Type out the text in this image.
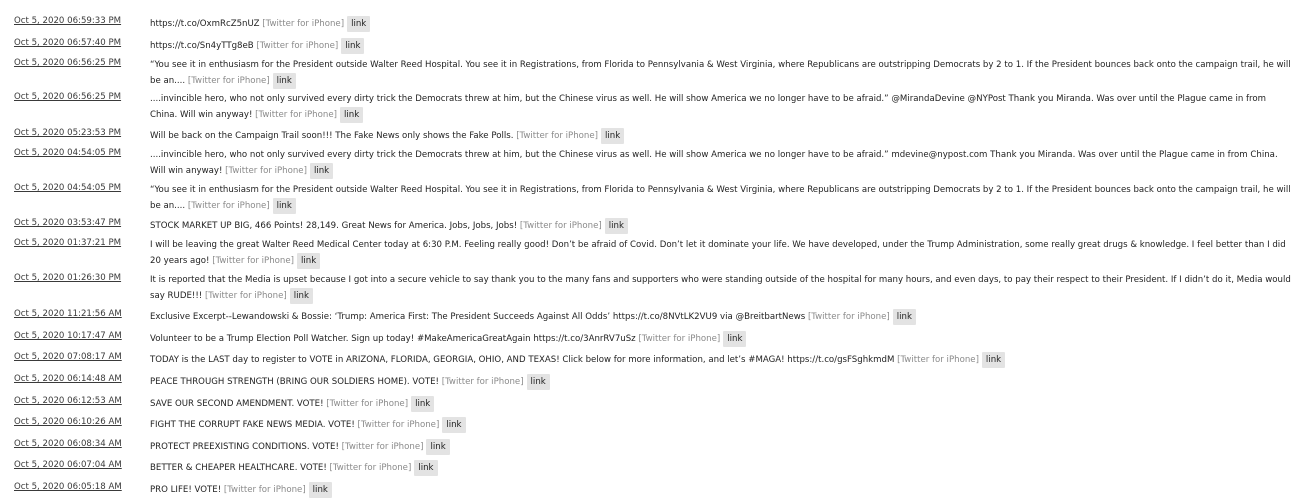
Oct 5, 2020 06:59:33 PM	https://t.co/OxmRcZ5nUZ [Twitter for iPhone] link
Oct 5, 2020 06:57:40 PM	https://t.co/Sn4yTTg8eB [Twitter for iPhone] link
Oct 5, 2020 06:56:25 PM	“You see it in enthusiasm for the President outside Walter Reed Hospital. You see it in Registrations, from Florida to Pennsylvania & West Virginia, where Republicans are outstripping Democrats by 2 to 1. If the President bounces back onto the campaign trail, he will be an.... [Twitter for iPhone] link
Oct 5, 2020 06:56:25 PM	....invincible hero, who not only survived every dirty trick the Democrats threw at him, but the Chinese virus as well. He will show America we no longer have to be afraid.” @MirandaDevine @NYPost Thank you Miranda. Was over until the Plague came in from China. Will win anyway! [Twitter for iPhone] link
Oct 5, 2020 05:23:53 PM	Will be back on the Campaign Trail soon!!! The Fake News only shows the Fake Polls. [Twitter for iPhone] link
Oct 5, 2020 04:54:05 PM	....invincible hero, who not only survived every dirty trick the Democrats threw at him, but the Chinese virus as well. He will show America we no longer have to be afraid.” mdevine@nypost.com Thank you Miranda. Was over until the Plague came in from China. Will win anyway! [Twitter for iPhone] link
Oct 5, 2020 04:54:05 PM	“You see it in enthusiasm for the President outside Walter Reed Hospital. You see it in Registrations, from Florida to Pennsylvania & West Virginia, where Republicans are outstripping Democrats by 2 to 1. If the President bounces back onto the campaign trail, he will be an.... [Twitter for iPhone] link
Oct 5, 2020 03:53:47 PM	STOCK MARKET UP BIG, 466 Points! 28,149. Great News for America. Jobs, Jobs, Jobs! [Twitter for iPhone] link
Oct 5, 2020 01:37:21 PM	I will be leaving the great Walter Reed Medical Center today at 6:30 P.M. Feeling really good! Don’t be afraid of Covid. Don’t let it dominate your life. We have developed, under the Trump Administration, some really great drugs & knowledge. I feel better than I did 20 years ago! [Twitter for iPhone] link
Oct 5, 2020 01:26:30 PM	It is reported that the Media is upset because I got into a secure vehicle to say thank you to the many fans and supporters who were standing outside of the hospital for many hours, and even days, to pay their respect to their President. If I didn’t do it, Media would say RUDE!!! [Twitter for iPhone] link
Oct 5, 2020 11:21:56 AM	Exclusive Excerpt--Lewandowski & Bossie: ‘Trump: America First: The President Succeeds Against All Odds’ https://t.co/8NVtLK2VU9 via @BreitbartNews [Twitter for iPhone] link
Oct 5, 2020 10:17:47 AM	Volunteer to be a Trump Election Poll Watcher. Sign up today! #MakeAmericaGreatAgain https://t.co/3AnrRV7uSz [Twitter for iPhone] link
Oct 5, 2020 07:08:17 AM	TODAY is the LAST day to register to VOTE in ARIZONA, FLORIDA, GEORGIA, OHIO, AND TEXAS! Click below for more information, and let’s #MAGA! https://t.co/gsFSghkmdM [Twitter for iPhone] link
Oct 5, 2020 06:14:48 AM	PEACE THROUGH STRENGTH (BRING OUR SOLDIERS HOME). VOTE! [Twitter for iPhone] link
Oct 5, 2020 06:12:53 AM	SAVE OUR SECOND AMENDMENT. VOTE! [Twitter for iPhone] link
Oct 5, 2020 06:10:26 AM	FIGHT THE CORRUPT FAKE NEWS MEDIA. VOTE! [Twitter for iPhone] link
Oct 5, 2020 06:08:34 AM	PROTECT PREEXISTING CONDITIONS. VOTE! [Twitter for iPhone] link
Oct 5, 2020 06:07:04 AM	BETTER & CHEAPER HEALTHCARE. VOTE! [Twitter for iPhone] link
Oct 5, 2020 06:05:18 AM	PRO LIFE! VOTE! [Twitter for iPhone] link
